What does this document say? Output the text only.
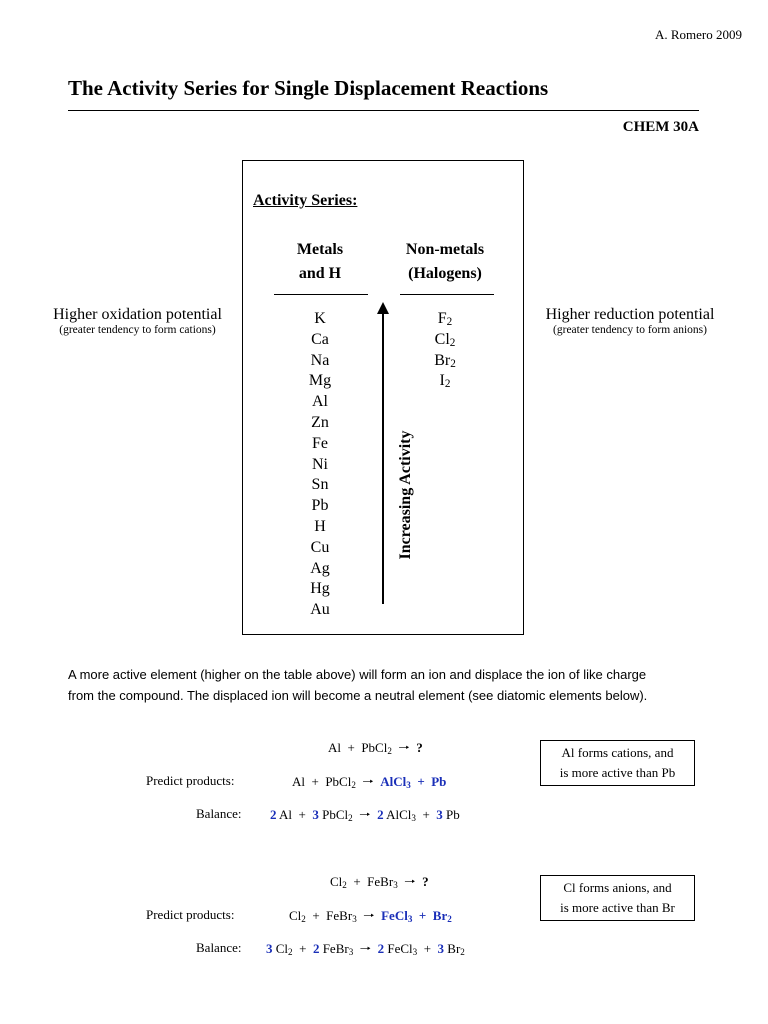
A. Romero 2009
The Activity Series for Single Displacement Reactions
CHEM 30A
Activity Series:
Metals
and H
Non-metals
(Halogens)
K
Ca
Na
Mg
Al
Zn
Fe
Ni
Sn
Pb
H
Cu
Ag
Hg
Au
$F_2$
$Cl_2$
$Br_2$
$I_2$
Increasing Activity
Higher oxidation potential
(greater tendency to form cations)
Higher reduction potential
(greater tendency to form anions)
A more active element (higher on the table above) will form an ion and displace the ion of like charge
from the compound. The displaced ion will become a neutral element (see diatomic elements below).
Al  +  PbCl$_2$ 🠒 ?
Predict products:	Al  +  PbCl$_2$ 🠒 AlCl$_3$  +  Pb
Balance: 2 Al  +  3 PbCl$_2$ 🠒 2 AlCl$_3$  +  3 Pb
Al forms cations, and
is more active than Pb
$Cl_2$  +  FeBr$_3$ 🠒 ?
Predict products:	$Cl_2$  +  FeBr$_3$ 🠒 FeCl$_3$  +  $Br_2$
Balance: 3 $Cl_2 + 2$ FeBr$_3$ 🠒 2 FeCl$_3$  +  3 $Br_2$
Cl forms anions, and
is more active than Br
